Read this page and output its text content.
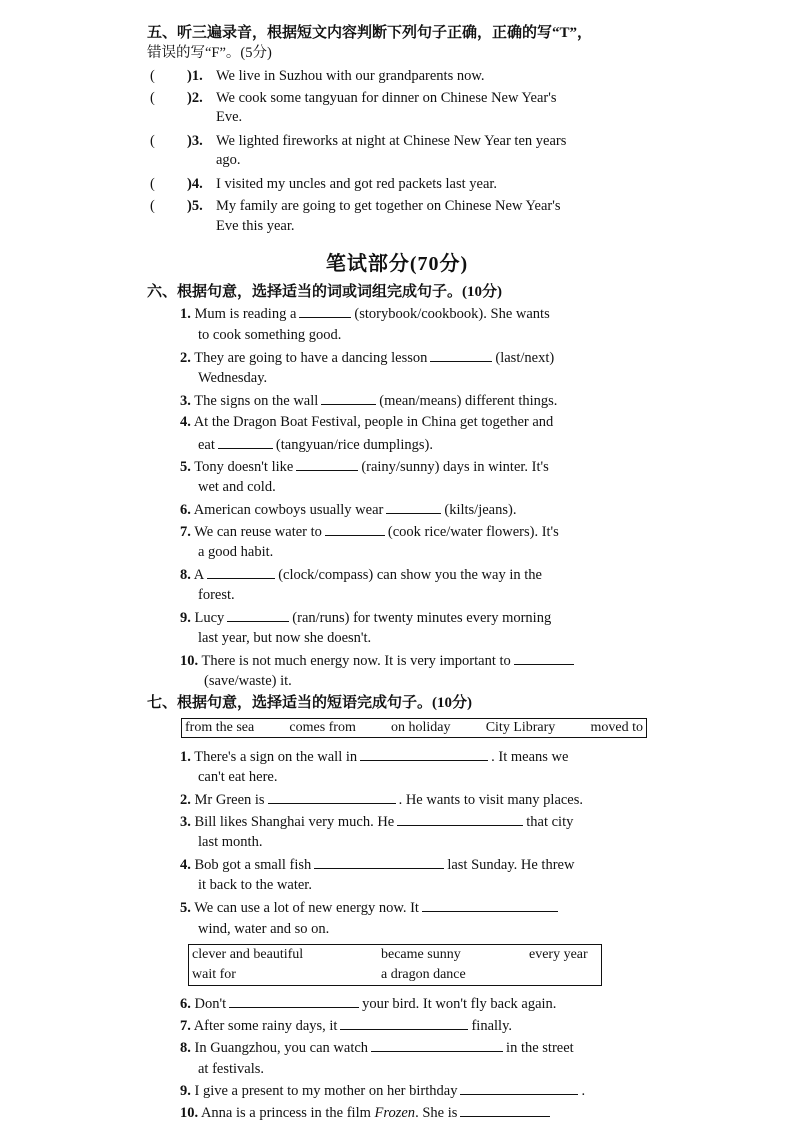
五、听三遍录音，根据短文内容判断下列句子正确，正确的写“T”，
错误的写“F”。(5分)
( )1. We live in Suzhou with our grandparents now.
( )2. We cook some tangyuan for dinner on Chinese New Year's
Eve.
( )3. We lighted fireworks at night at Chinese New Year ten years
ago.
( )4. I visited my uncles and got red packets last year.
( )5. My family are going to get together on Chinese New Year's
Eve this year.
笔试部分(70分)
六、根据句意，选择适当的词或词组完成句子。(10分)
1. Mum is reading a	(storybook/cookbook). She wants
to cook something good.
2. They are going to have a dancing lesson	(last/next)
Wednesday.
3. The signs on the wall	(mean/means) different things.
4. At the Dragon Boat Festival, people in China get together and
eat	(tangyuan/rice dumplings).
5. Tony doesn't like	(rainy/sunny) days in winter. It's
wet and cold.
6. American cowboys usually wear	(kilts/jeans).
7. We can reuse water to	(cook rice/water flowers). It's
a good habit.
8. A	(clock/compass) can show you the way in the
forest.
9. Lucy	(ran/runs) for twenty minutes every morning
last year, but now she doesn't.
10. There is not much energy now. It is very important to
(save/waste) it.
七、根据句意，选择适当的短语完成句子。(10分)
from the sea	comes from	on holiday	City Library	moved to
1. There's a sign on the wall in	. It means we
can't eat here.
2. Mr Green is	. He wants to visit many places.
3. Bill likes Shanghai very much. He	that city
last month.
4. Bob got a small fish	last Sunday. He threw
it back to the water.
5. We can use a lot of new energy now. It
wind, water and so on.
clever and beautiful	became sunny	every year
wait for	a dragon dance
6. Don't	your bird. It won't fly back again.
7. After some rainy days, it	finally.
8. In Guangzhou, you can watch	in the street
at festivals.
9. I give a present to my mother on her birthday	.
10. Anna is a princess in the film Frozen. She is
